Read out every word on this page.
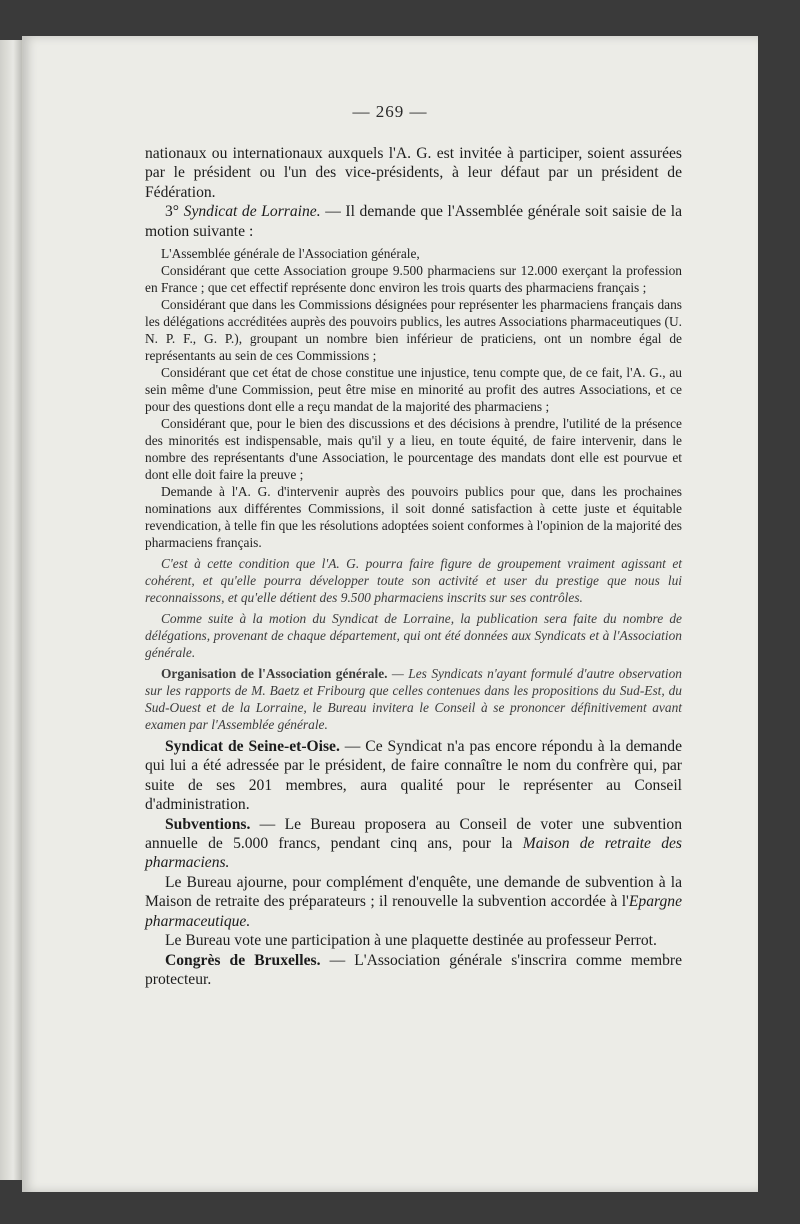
— 269 —

nationaux ou internationaux auxquels l'A. G. est invitée à participer, soient assurées par le président ou l'un des vice-présidents, à leur défaut par un président de Fédération.

3° Syndicat de Lorraine. — Il demande que l'Assemblée générale soit saisie de la motion suivante :

L'Assemblée générale de l'Association générale,

Considérant que cette Association groupe 9.500 pharmaciens sur 12.000 exerçant la profession en France ; que cet effectif représente donc environ les trois quarts des pharmaciens français ;

Considérant que dans les Commissions désignées pour représenter les pharmaciens français dans les délégations accréditées auprès des pouvoirs publics, les autres Associations pharmaceutiques (U. N. P. F., G. P.), groupant un nombre bien inférieur de praticiens, ont un nombre égal de représentants au sein de ces Commissions ;

Considérant que cet état de chose constitue une injustice, tenu compte que, de ce fait, l'A. G., au sein même d'une Commission, peut être mise en minorité au profit des autres Associations, et ce pour des questions dont elle a reçu mandat de la majorité des pharmaciens ;

Considérant que, pour le bien des discussions et des décisions à prendre, l'utilité de la présence des minorités est indispensable, mais qu'il y a lieu, en toute équité, de faire intervenir, dans le nombre des représentants d'une Association, le pourcentage des mandats dont elle est pourvue et dont elle doit faire la preuve ;

Demande à l'A. G. d'intervenir auprès des pouvoirs publics pour que, dans les prochaines nominations aux différentes Commissions, il soit donné satisfaction à cette juste et équitable revendication, à telle fin que les résolutions adoptées soient conformes à l'opinion de la majorité des pharmaciens français.

C'est à cette condition que l'A. G. pourra faire figure de groupement vraiment agissant et cohérent, et qu'elle pourra développer toute son activité et user du prestige que nous lui reconnaissons, et qu'elle détient des 9.500 pharmaciens inscrits sur ses contrôles.

Comme suite à la motion du Syndicat de Lorraine, la publication sera faite du nombre de délégations, provenant de chaque département, qui ont été données aux Syndicats et à l'Association générale.

Organisation de l'Association générale. — Les Syndicats n'ayant formulé d'autre observation sur les rapports de M. Baetz et Fribourg que celles contenues dans les propositions du Sud-Est, du Sud-Ouest et de la Lorraine, le Bureau invitera le Conseil à se prononcer définitivement avant examen par l'Assemblée générale.

Syndicat de Seine-et-Oise. — Ce Syndicat n'a pas encore répondu à la demande qui lui a été adressée par le président, de faire connaître le nom du confrère qui, par suite de ses 201 membres, aura qualité pour le représenter au Conseil d'administration.

Subventions. — Le Bureau proposera au Conseil de voter une subvention annuelle de 5.000 francs, pendant cinq ans, pour la Maison de retraite des pharmaciens.

Le Bureau ajourne, pour complément d'enquête, une demande de subvention à la Maison de retraite des préparateurs ; il renouvelle la subvention accordée à l'Epargne pharmaceutique.

Le Bureau vote une participation à une plaquette destinée au professeur Perrot.

Congrès de Bruxelles. — L'Association générale s'inscrira comme membre protecteur.
